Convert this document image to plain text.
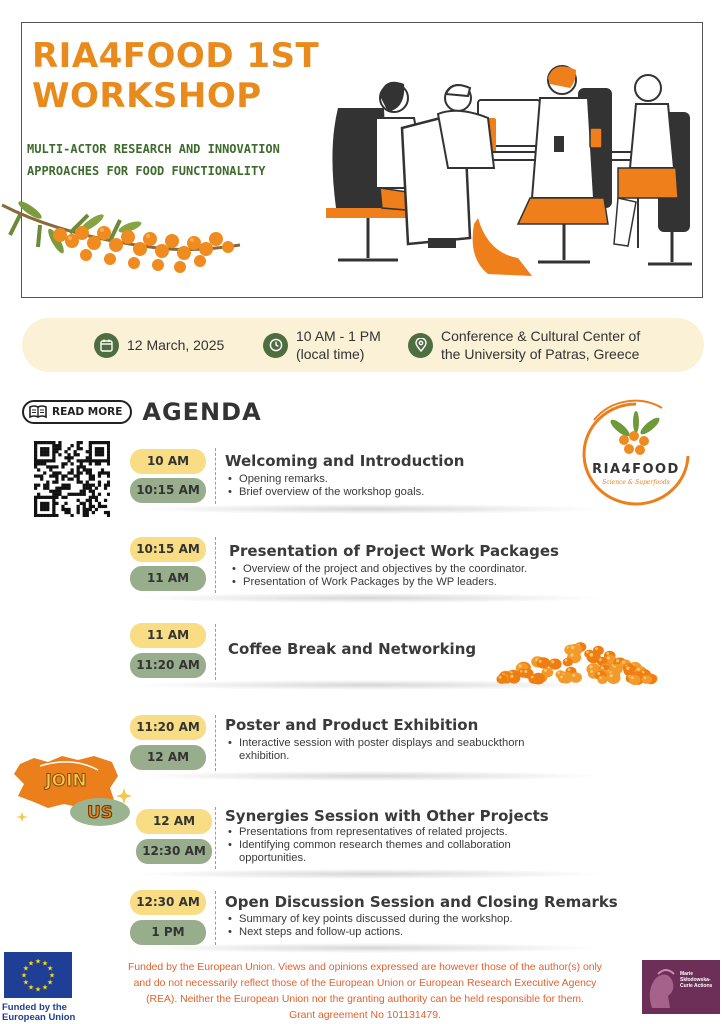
RIA4FOOD 1ST
WORKSHOP
MULTI-ACTOR RESEARCH AND INNOVATION
APPROACHES FOR FOOD FUNCTIONALITY
12 March, 2025
10 AM - 1 PM
(local time)
Conference & Cultural Center of
the University of Patras, Greece
READ MORE AGENDA
RIA4FOOD
Science & Superfoods
10 AM
10:15 AM
Welcoming and Introduction
• Opening remarks.
• Brief overview of the workshop goals.
10:15 AM
11 AM
Presentation of Project Work Packages
• Overview of the project and objectives by the coordinator.
• Presentation of Work Packages by the WP leaders.
11 AM
11:20 AM
Coffee Break and Networking
11:20 AM
12 AM
Poster and Product Exhibition
• Interactive session with poster displays and seabuckthorn exhibition.
JOIN
US	12 AM
12:30 AM
Synergies Session with Other Projects
• Presentations from representatives of related projects.
• Identifying common research themes and collaboration opportunities.
12:30 AM
1 PM
Open Discussion Session and Closing Remarks
• Summary of key points discussed during the workshop.
• Next steps and follow-up actions.
★
★
★
★
★
★
★
★
★ ★ ★
★
Funded by the
European Union
Funded by the European Union. Views and opinions expressed are however those of the author(s) only
and do not necessarily reflect those of the European Union or European Research Executive Agency
(REA). Neither the European Union nor the granting authority can be held responsible for them.
Grant agreement No 101131479.
Marie
Skłodowska-
Curie Actions
